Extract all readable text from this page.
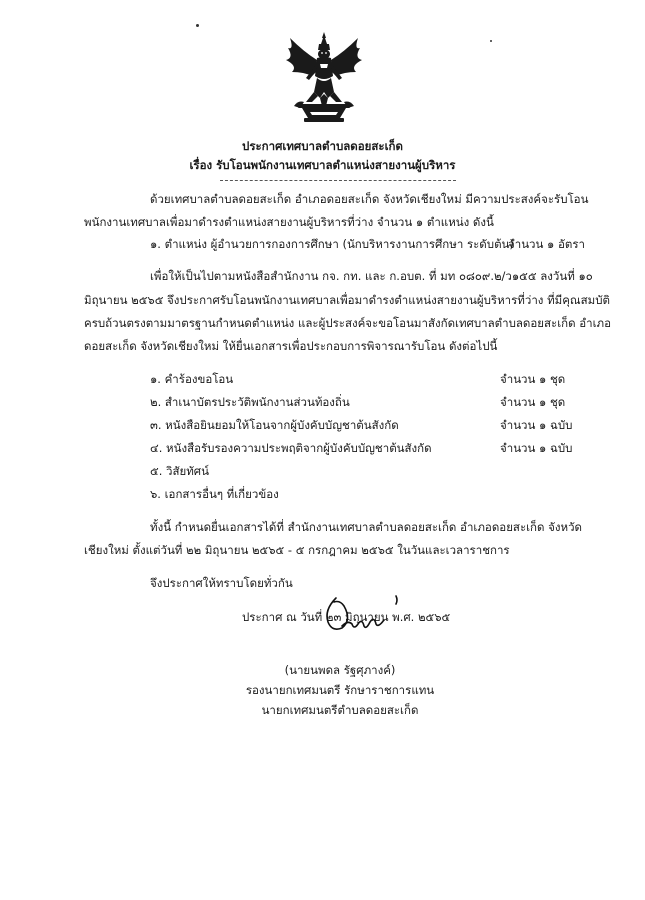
ประกาศเทศบาลตำบลดอยสะเก็ด
เรื่อง รับโอนพนักงานเทศบาลตำแหน่งสายงานผู้บริหาร
ด้วยเทศบาลตำบลดอยสะเก็ด อำเภอดอยสะเก็ด จังหวัดเชียงใหม่ มีความประสงค์จะรับโอน
พนักงานเทศบาลเพื่อมาดำรงตำแหน่งสายงานผู้บริหารที่ว่าง จำนวน ๑ ตำแหน่ง ดังนี้
๑. ตำแหน่ง ผู้อำนวยการกองการศึกษา (นักบริหารงานการศึกษา ระดับต้น)
จำนวน ๑ อัตรา
เพื่อให้เป็นไปตามหนังสือสำนักงาน กจ. กท. และ ก.อบต. ที่ มท ๐๘๐๙.๒/ว๑๕๕ ลงวันที่ ๑๐
มิถุนายน ๒๕๖๕ จึงประกาศรับโอนพนักงานเทศบาลเพื่อมาดำรงตำแหน่งสายงานผู้บริหารที่ว่าง ที่มีคุณสมบัติ
ครบถ้วนตรงตามมาตรฐานกำหนดตำแหน่ง และผู้ประสงค์จะขอโอนมาสังกัดเทศบาลตำบลดอยสะเก็ด อำเภอ
ดอยสะเก็ด จังหวัดเชียงใหม่ ให้ยื่นเอกสารเพื่อประกอบการพิจารณารับโอน ดังต่อไปนี้
๑. คำร้องขอโอน	จำนวน ๑ ชุด
๒. สำเนาบัตรประวัติพนักงานส่วนท้องถิ่น	จำนวน ๑ ชุด
๓. หนังสือยินยอมให้โอนจากผู้บังคับบัญชาต้นสังกัด	จำนวน ๑ ฉบับ
๔. หนังสือรับรองความประพฤติจากผู้บังคับบัญชาต้นสังกัด	จำนวน ๑ ฉบับ
๕. วิสัยทัศน์
๖. เอกสารอื่นๆ ที่เกี่ยวข้อง
ทั้งนี้ กำหนดยื่นเอกสารได้ที่ สำนักงานเทศบาลตำบลดอยสะเก็ด อำเภอดอยสะเก็ด จังหวัด
เชียงใหม่ ตั้งแต่วันที่ ๒๒ มิถุนายน ๒๕๖๕ - ๕ กรกฎาคม ๒๕๖๕ ในวันและเวลาราชการ
จึงประกาศให้ทราบโดยทั่วกัน
ประกาศ ณ วันที่ ๒๓ มิถุนายน พ.ศ. ๒๕๖๕
(นายนพดล รัฐศุภางค์)
รองนายกเทศมนตรี รักษาราชการแทน
นายกเทศมนตรีตำบลดอยสะเก็ด
